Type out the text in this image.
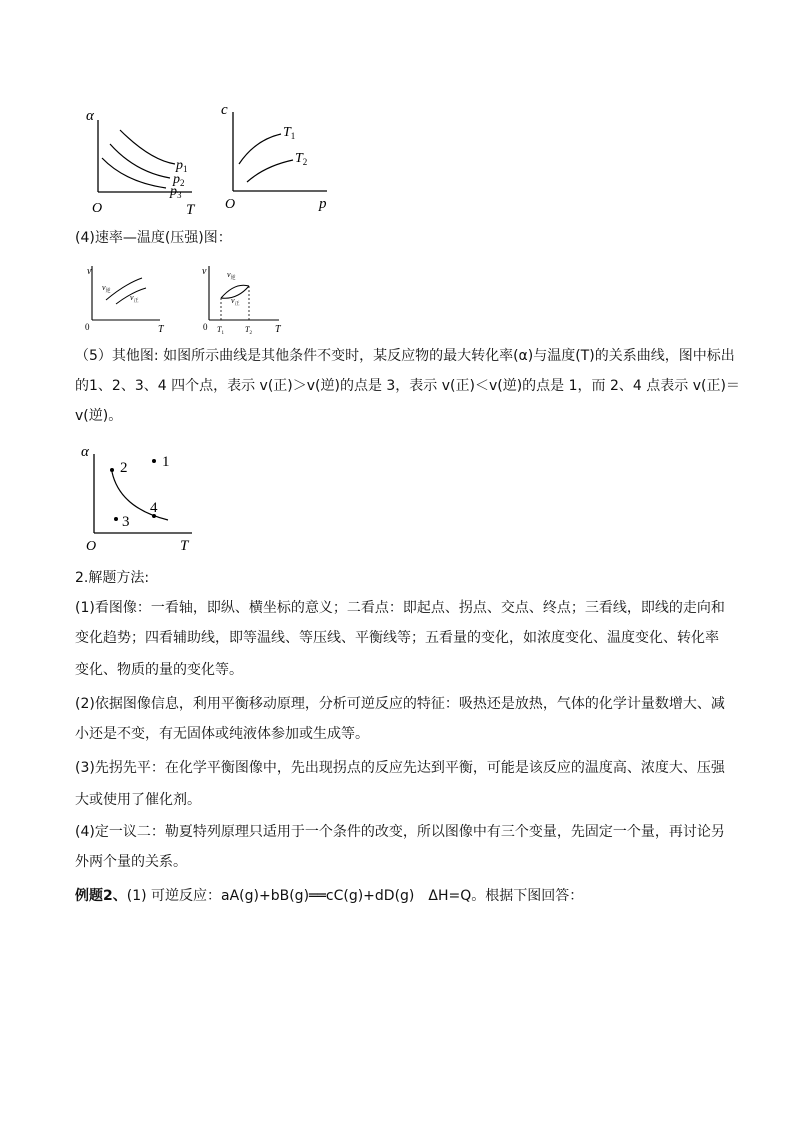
α
T
O
$p_1$
$p_2$
$p_3$
c
p
O
$T_1$
$T_2$
(4)速率—温度(压强)图：
v
T
0
$v_逆$
$v_正$
v
T
0
$v_逆$
$v_正$
$T_1$	$T_2$
（5）其他图: 如图所示曲线是其他条件不变时，某反应物的最大转化率(α)与温度(T)的关系曲线，图中标出
的1、2、3、4 四个点，表示 v(正)＞v(逆)的点是 3，表示 v(正)＜v(逆)的点是 1，而 2、4 点表示 v(正)＝
v(逆)。
2 1
3
4
α
T
O
2.解题方法:
(1)看图像：一看轴，即纵、横坐标的意义；二看点：即起点、拐点、交点、终点；三看线，即线的走向和
变化趋势；四看辅助线，即等温线、等压线、平衡线等；五看量的变化，如浓度变化、温度变化、转化率
变化、物质的量的变化等。
(2)依据图像信息，利用平衡移动原理，分析可逆反应的特征：吸热还是放热，气体的化学计量数增大、减
小还是不变，有无固体或纯液体参加或生成等。
(3)先拐先平：在化学平衡图像中，先出现拐点的反应先达到平衡，可能是该反应的温度高、浓度大、压强
大或使用了催化剂。
(4)定一议二：勒夏特列原理只适用于一个条件的改变，所以图像中有三个变量，先固定一个量，再讨论另
外两个量的关系。
例题2、(1) 可逆反应：aA(g)+bB(g)══cC(g)+dD(g)　ΔH=Q。根据下图回答：
